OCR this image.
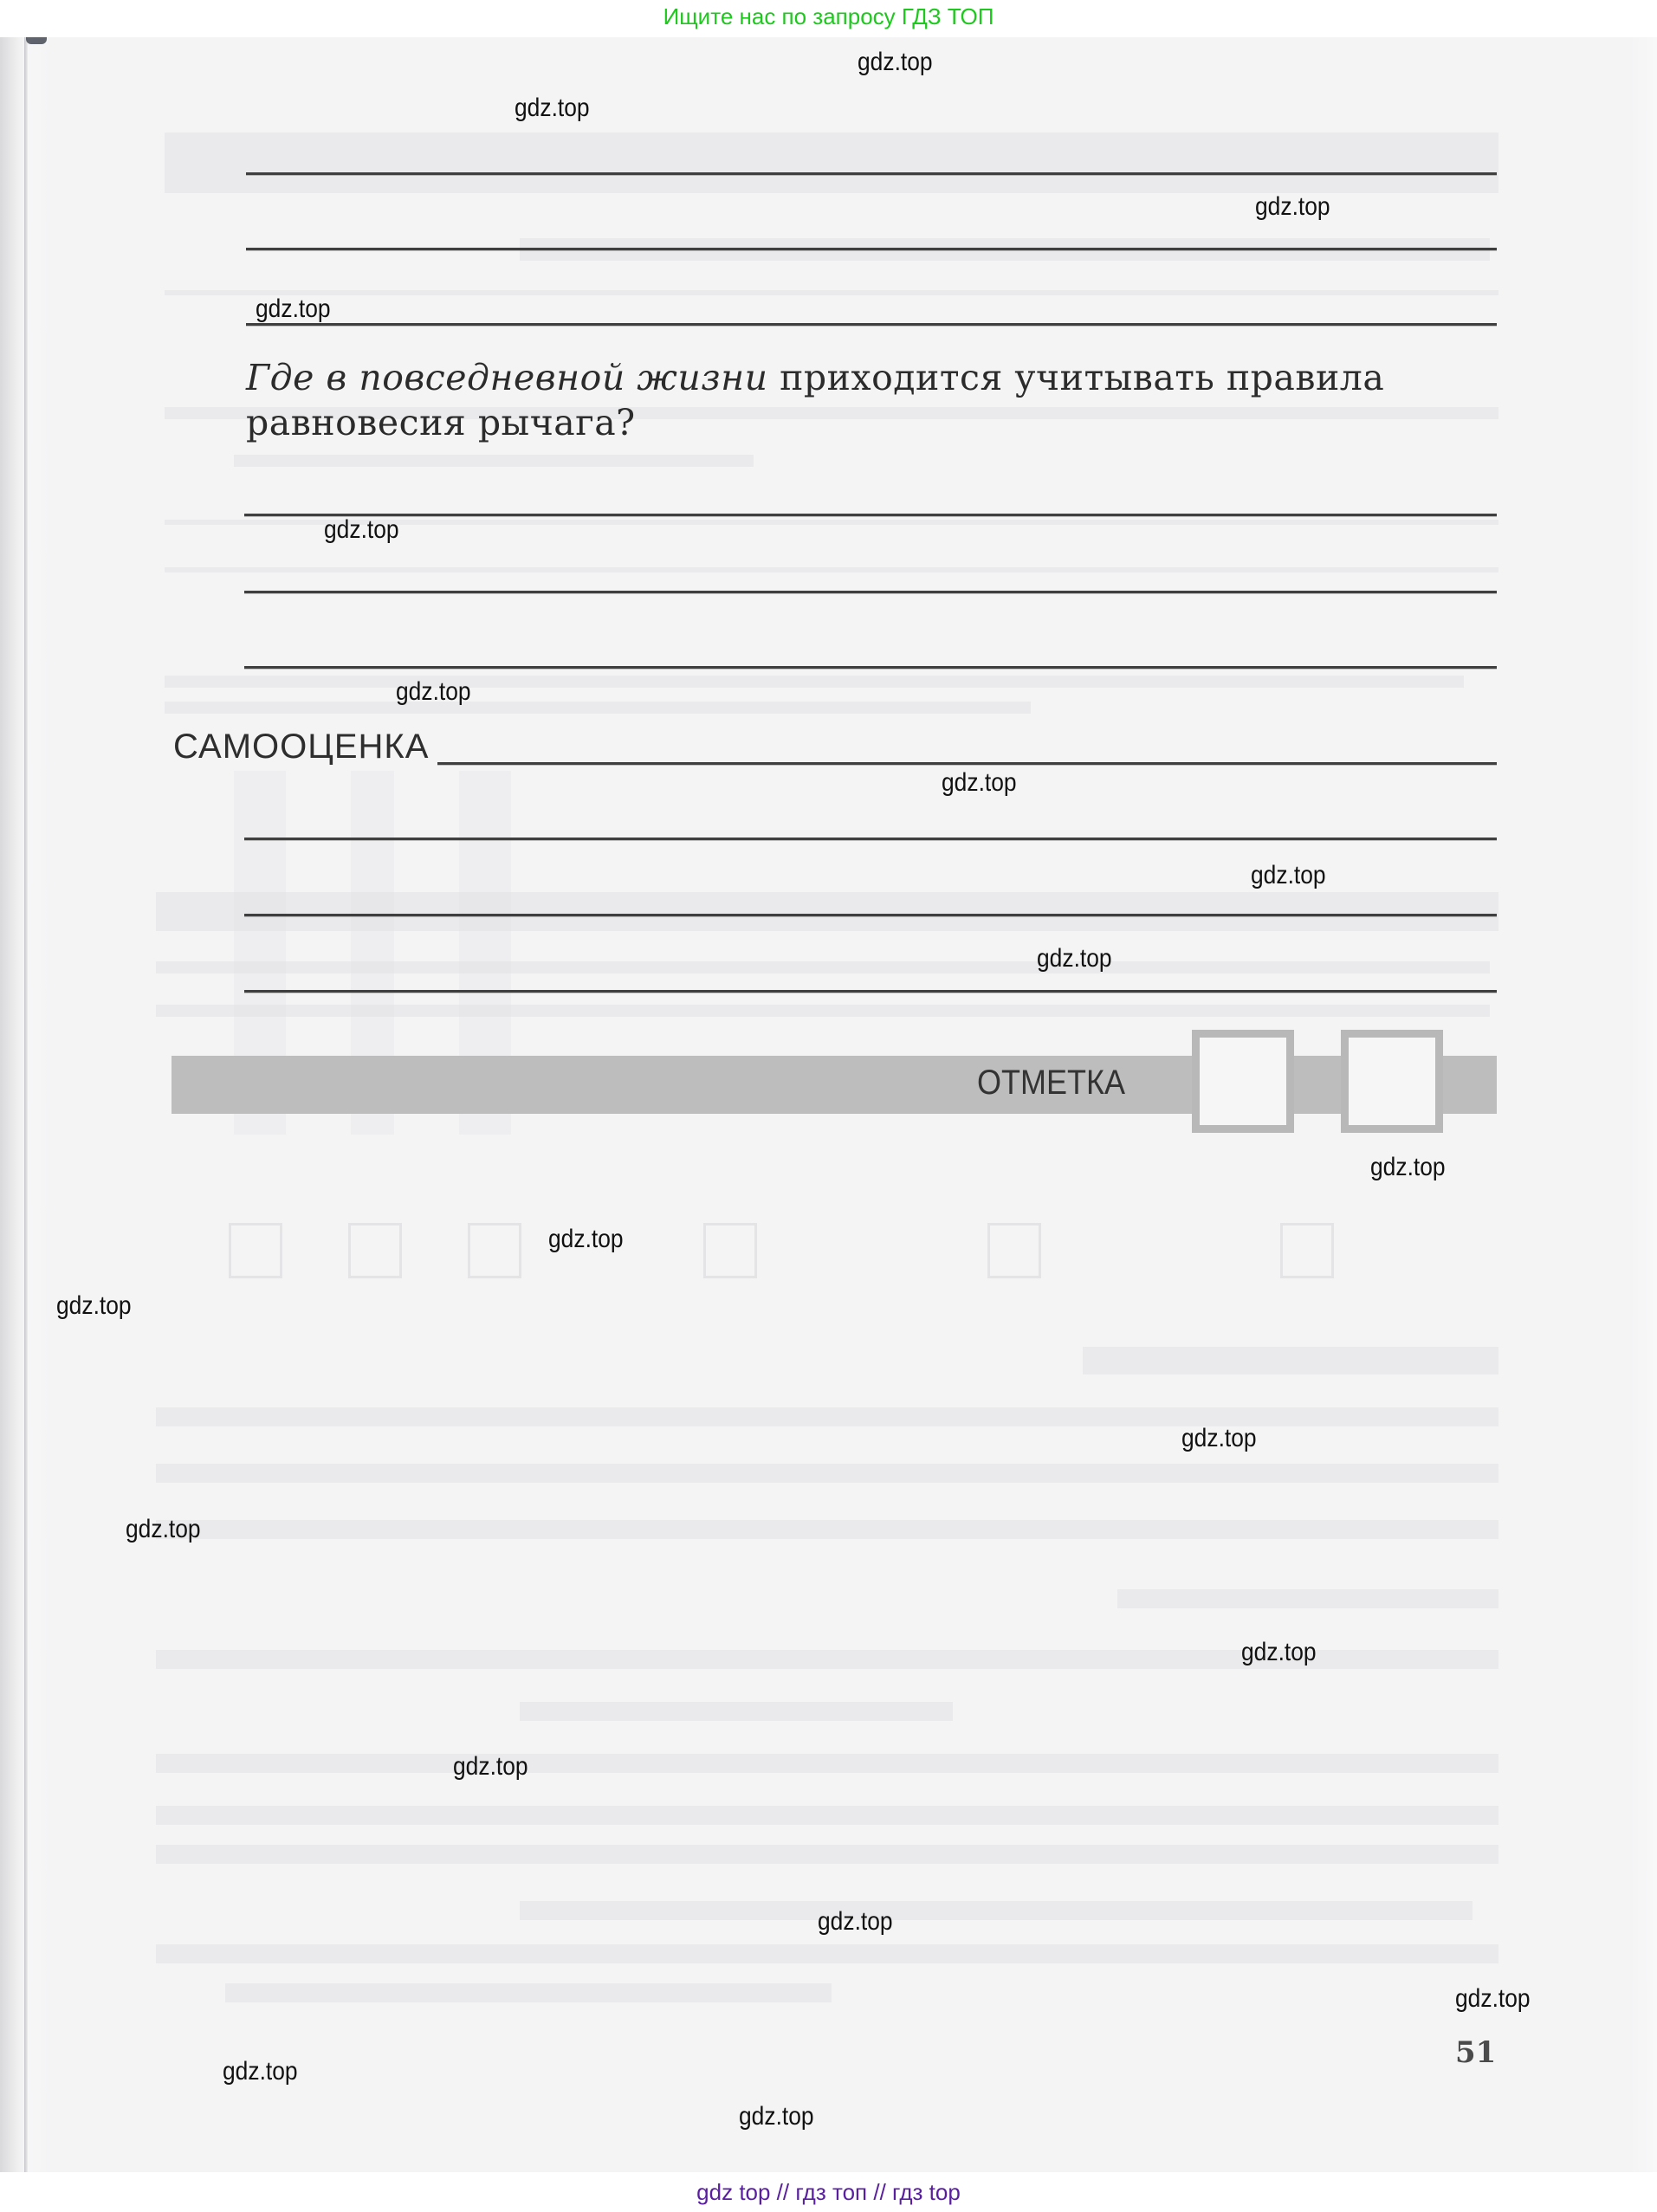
Ищите нас по запросу ГДЗ ТОП
Где в повседневной жизни приходится учитывать правила равновесия рычага?
САМООЦЕНКА
ОТМЕТКА
51
gdz.top
gdz.top
gdz.top
gdz.top
gdz.top
gdz.top
gdz.top
gdz.top
gdz.top
gdz.top
gdz.top
gdz.top
gdz.top
gdz.top
gdz.top
gdz.top
gdz.top
gdz.top
gdz.top
gdz.top
gdz top // гдз топ // гдз top
